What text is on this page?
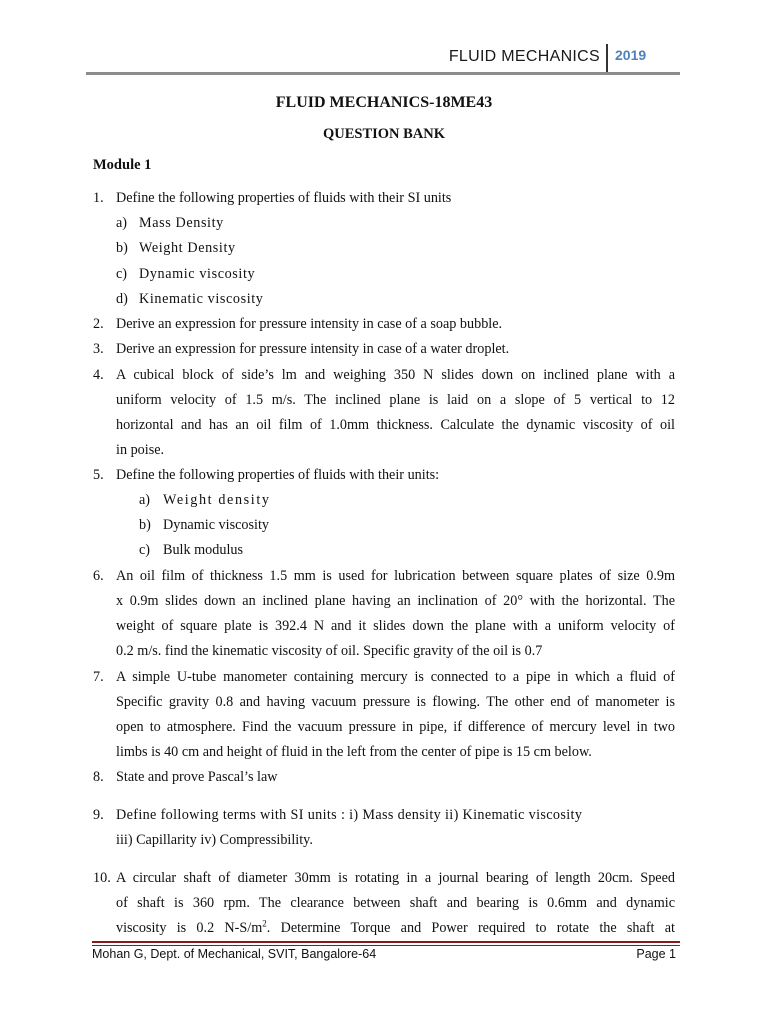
FLUID MECHANICS 2019
FLUID MECHANICS-18ME43
QUESTION BANK
Module 1
1. Define the following properties of fluids with their SI units
a) Mass Density
b) Weight Density
c) Dynamic viscosity
d) Kinematic viscosity
2. Derive an expression for pressure intensity in case of a soap bubble.
3. Derive an expression for pressure intensity in case of a water droplet.
4. A cubical block of side’s lm and weighing 350 N slides down on inclined plane with a
uniform velocity of 1.5 m/s. The inclined plane is laid on a slope of 5 vertical to 12
horizontal and has an oil film of 1.0mm thickness. Calculate the dynamic viscosity of oil
in poise.
5. Define the following properties of fluids with their units:
a) Weight density
b) Dynamic viscosity
c) Bulk modulus
6. An oil film of thickness 1.5 mm is used for lubrication between square plates of size 0.9m
x 0.9m slides down an inclined plane having an inclination of 20° with the horizontal. The
weight of square plate is 392.4 N and it slides down the plane with a uniform velocity of
0.2 m/s. find the kinematic viscosity of oil. Specific gravity of the oil is 0.7
7. A simple U-tube manometer containing mercury is connected to a pipe in which a fluid of
Specific gravity 0.8 and having vacuum pressure is flowing. The other end of manometer is
open to atmosphere. Find the vacuum pressure in pipe, if difference of mercury level in two
limbs is 40 cm and height of fluid in the left from the center of pipe is 15 cm below.
8. State and prove Pascal’s law
9. Define following terms with SI units : i) Mass density ii) Kinematic viscosity
iii) Capillarity iv) Compressibility.
10. A circular shaft of diameter 30mm is rotating in a journal bearing of length 20cm. Speed
of shaft is 360 rpm. The clearance between shaft and bearing is 0.6mm and dynamic
viscosity is 0.2 $N-S/m^2$. Determine Torque and Power required to rotate the shaft at
Mohan G, Dept. of Mechanical, SVIT, Bangalore-64	Page 1
